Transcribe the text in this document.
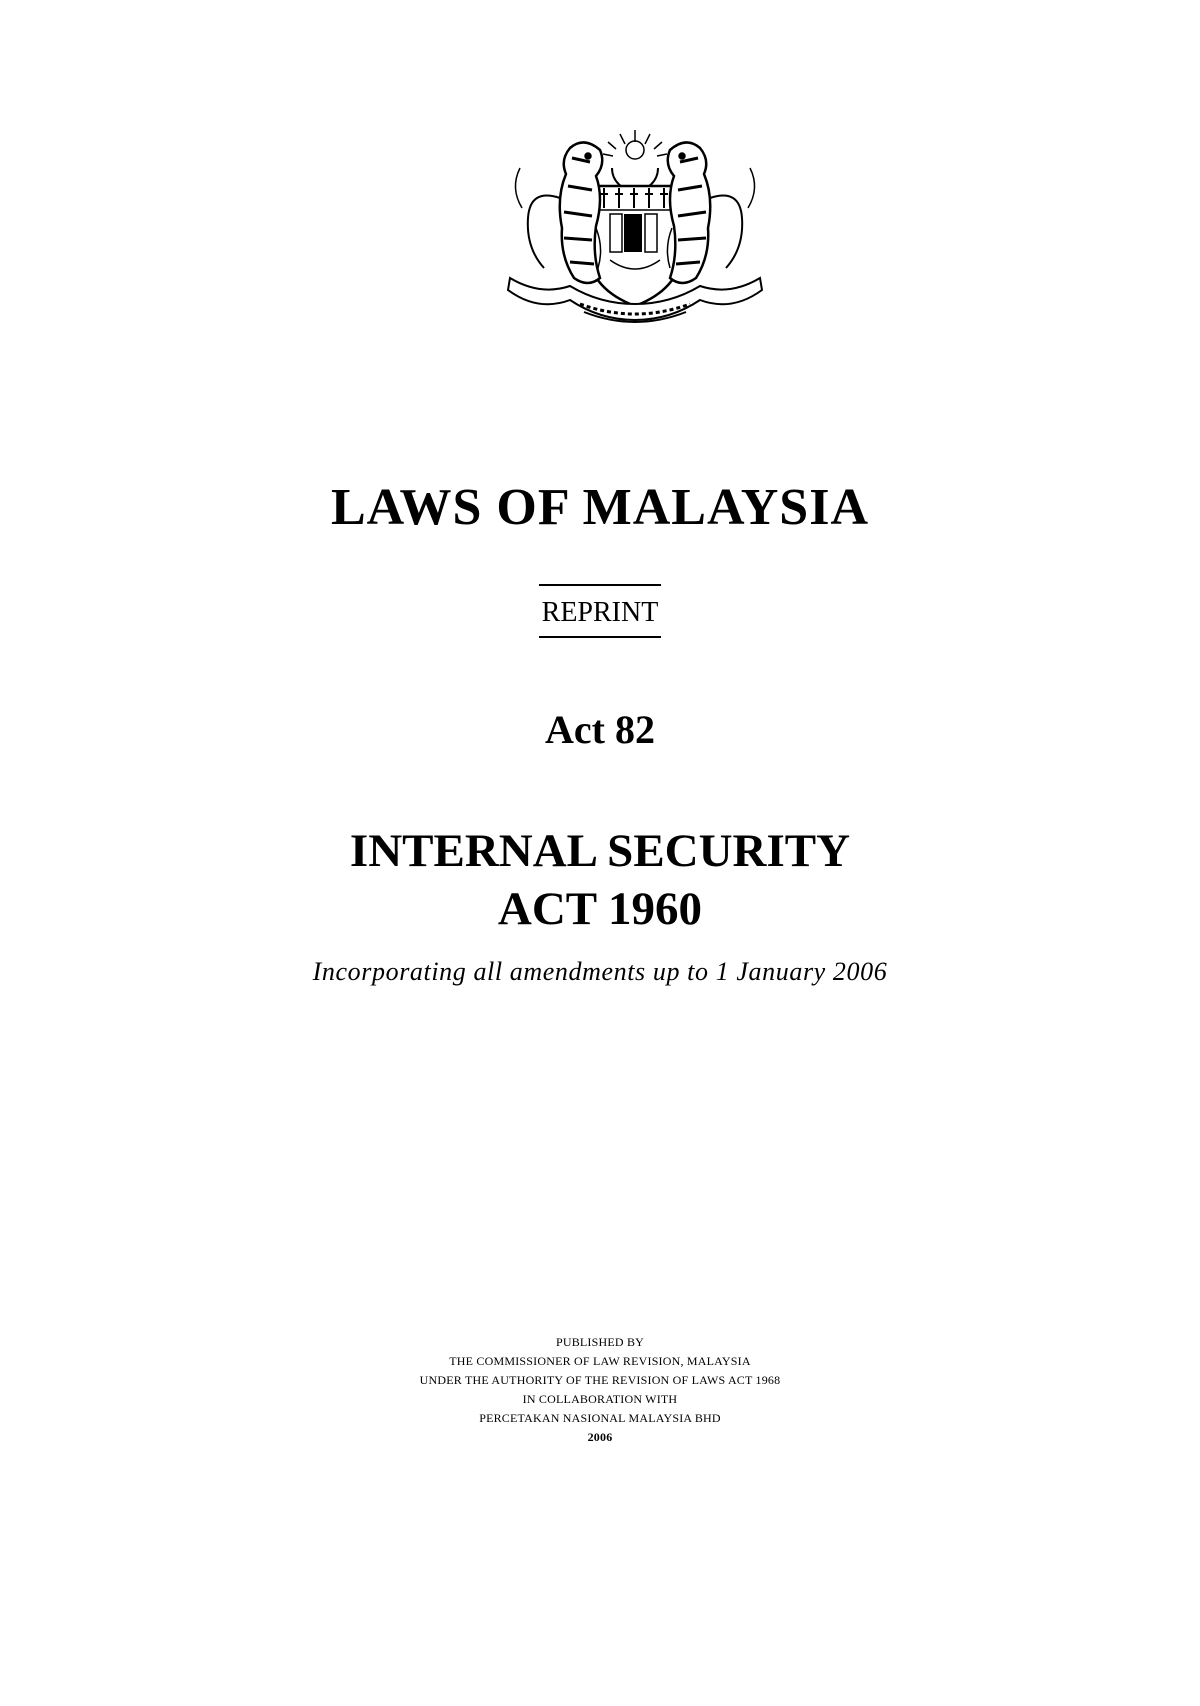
LAWS OF MALAYSIA
REPRINT
Act 82
INTERNAL SECURITY
ACT 1960
Incorporating all amendments up to 1 January 2006
PUBLISHED BY
THE COMMISSIONER OF LAW REVISION, MALAYSIA
UNDER THE AUTHORITY OF THE REVISION OF LAWS ACT 1968
IN COLLABORATION WITH
PERCETAKAN NASIONAL MALAYSIA BHD
2006
